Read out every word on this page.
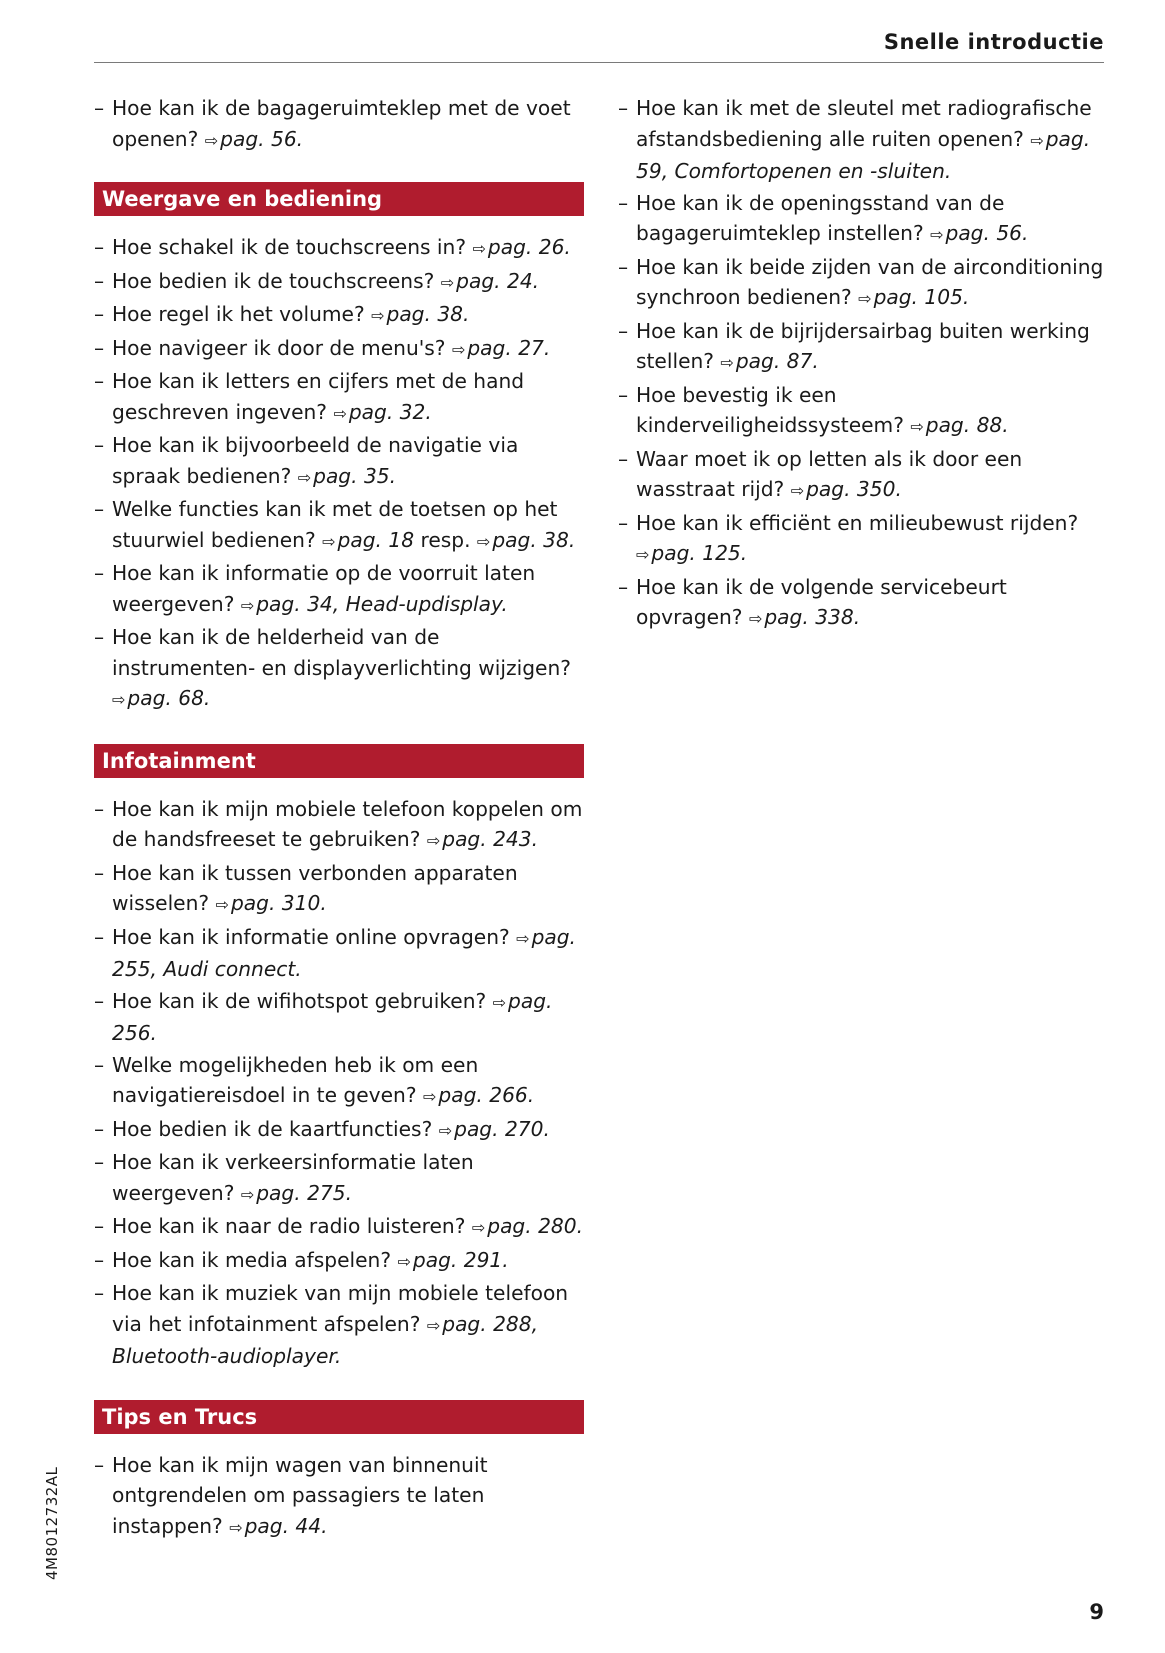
Snelle introductie
– Hoe kan ik de bagageruimteklep met de voet openen? ⇨pag. 56.
Weergave en bediening
– Hoe schakel ik de touchscreens in? ⇨pag. 26.
– Hoe bedien ik de touchscreens? ⇨pag. 24.
– Hoe regel ik het volume? ⇨pag. 38.
– Hoe navigeer ik door de menu's? ⇨pag. 27.
– Hoe kan ik letters en cijfers met de hand geschreven ingeven? ⇨pag. 32.
– Hoe kan ik bijvoorbeeld de navigatie via spraak bedienen? ⇨pag. 35.
– Welke functies kan ik met de toetsen op het stuurwiel bedienen? ⇨pag. 18 resp. ⇨pag. 38.
– Hoe kan ik informatie op de voorruit laten weergeven? ⇨pag. 34, Head-updisplay.
– Hoe kan ik de helderheid van de instrumenten- en displayverlichting wijzigen? ⇨pag. 68.
Infotainment
– Hoe kan ik mijn mobiele telefoon koppelen om de handsfreeset te gebruiken? ⇨pag. 243.
– Hoe kan ik tussen verbonden apparaten wisselen? ⇨pag. 310.
– Hoe kan ik informatie online opvragen? ⇨pag. 255, Audi connect.
– Hoe kan ik de wifihotspot gebruiken? ⇨pag. 256.
– Welke mogelijkheden heb ik om een navigatiereisdoel in te geven? ⇨pag. 266.
– Hoe bedien ik de kaartfuncties? ⇨pag. 270.
– Hoe kan ik verkeersinformatie laten weergeven? ⇨pag. 275.
– Hoe kan ik naar de radio luisteren? ⇨pag. 280.
– Hoe kan ik media afspelen? ⇨pag. 291.
– Hoe kan ik muziek van mijn mobiele telefoon via het infotainment afspelen? ⇨pag. 288, Bluetooth-audioplayer.
Tips en Trucs
– Hoe kan ik mijn wagen van binnenuit ontgrendelen om passagiers te laten instappen? ⇨pag. 44.
– Hoe kan ik met de sleutel met radiografische afstandsbediening alle ruiten openen? ⇨pag. 59, Comfortopenen en -sluiten.
– Hoe kan ik de openingsstand van de bagageruimteklep instellen? ⇨pag. 56.
– Hoe kan ik beide zijden van de airconditioning synchroon bedienen? ⇨pag. 105.
– Hoe kan ik de bijrijdersairbag buiten werking stellen? ⇨pag. 87.
– Hoe bevestig ik een kinderveiligheidssysteem? ⇨pag. 88.
– Waar moet ik op letten als ik door een wasstraat rijd? ⇨pag. 350.
– Hoe kan ik efficiënt en milieubewust rijden? ⇨pag. 125.
– Hoe kan ik de volgende servicebeurt opvragen? ⇨pag. 338.
4M8012732AL
9
